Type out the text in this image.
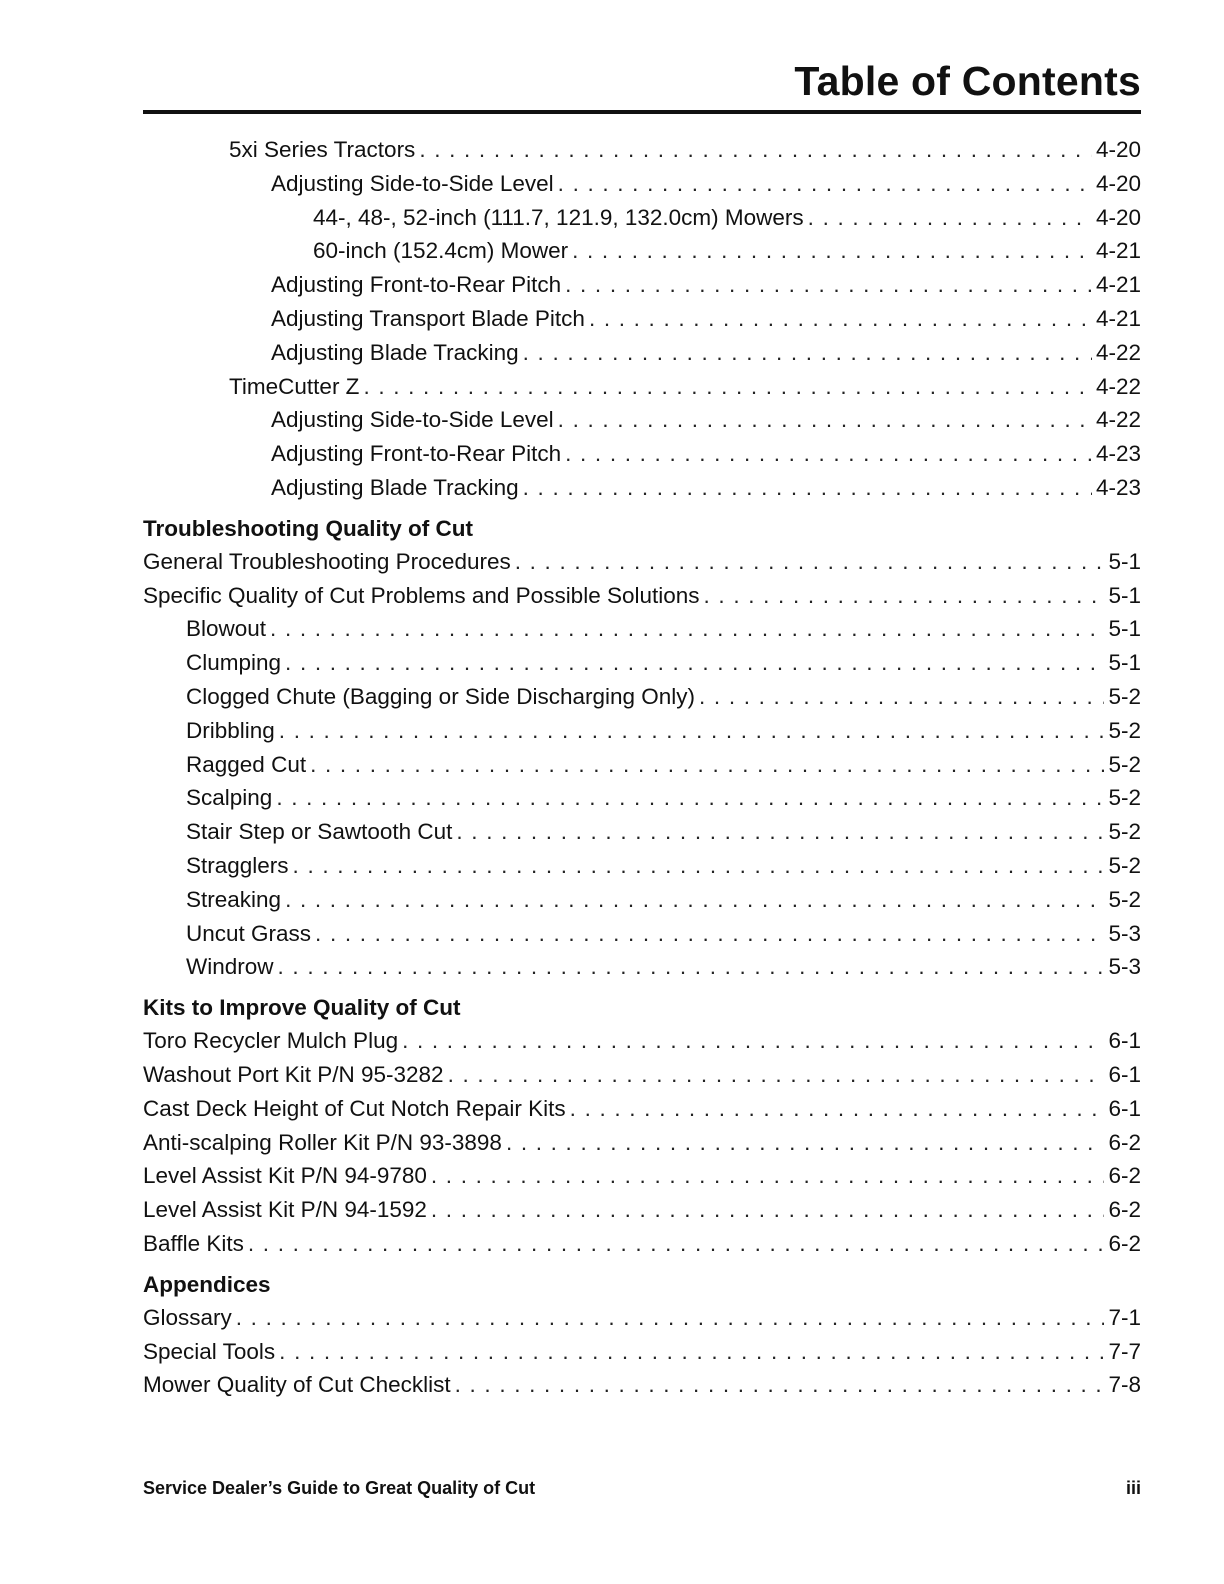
Table of Contents
5xi Series Tractors . . .	4-20
Adjusting Side-to-Side Level . . .	4-20
44-, 48-, 52-inch (111.7, 121.9, 132.0cm) Mowers . . .	4-20
60-inch (152.4cm) Mower . . .	4-21
Adjusting Front-to-Rear Pitch . . .	4-21
Adjusting Transport Blade Pitch . . .	4-21
Adjusting Blade Tracking . . .	4-22
TimeCutter Z . . .	4-22
Adjusting Side-to-Side Level . . .	4-22
Adjusting Front-to-Rear Pitch . . .	4-23
Adjusting Blade Tracking . . .	4-23
Troubleshooting Quality of Cut
General Troubleshooting Procedures . . .	5-1
Specific Quality of Cut Problems and Possible Solutions . . .	5-1
Blowout . . .	5-1
Clumping . . .	5-1
Clogged Chute (Bagging or Side Discharging Only) . . .	5-2
Dribbling . . .	5-2
Ragged Cut . . .	5-2
Scalping . . .	5-2
Stair Step or Sawtooth Cut . . .	5-2
Stragglers . . .	5-2
Streaking . . .	5-2
Uncut Grass . . .	5-3
Windrow . . .	5-3
Kits to Improve Quality of Cut
Toro Recycler Mulch Plug . . .	6-1
Washout Port Kit P/N 95-3282 . . .	6-1
Cast Deck Height of Cut Notch Repair Kits . . .	6-1
Anti-scalping Roller Kit P/N 93-3898 . . .	6-2
Level Assist Kit P/N 94-9780 . . .	6-2
Level Assist Kit P/N 94-1592 . . .	6-2
Baffle Kits . . .	6-2
Appendices
Glossary . . .	7-1
Special Tools . . .	7-7
Mower Quality of Cut Checklist . . .	7-8
Service Dealer’s Guide to Great Quality of Cut	iii
